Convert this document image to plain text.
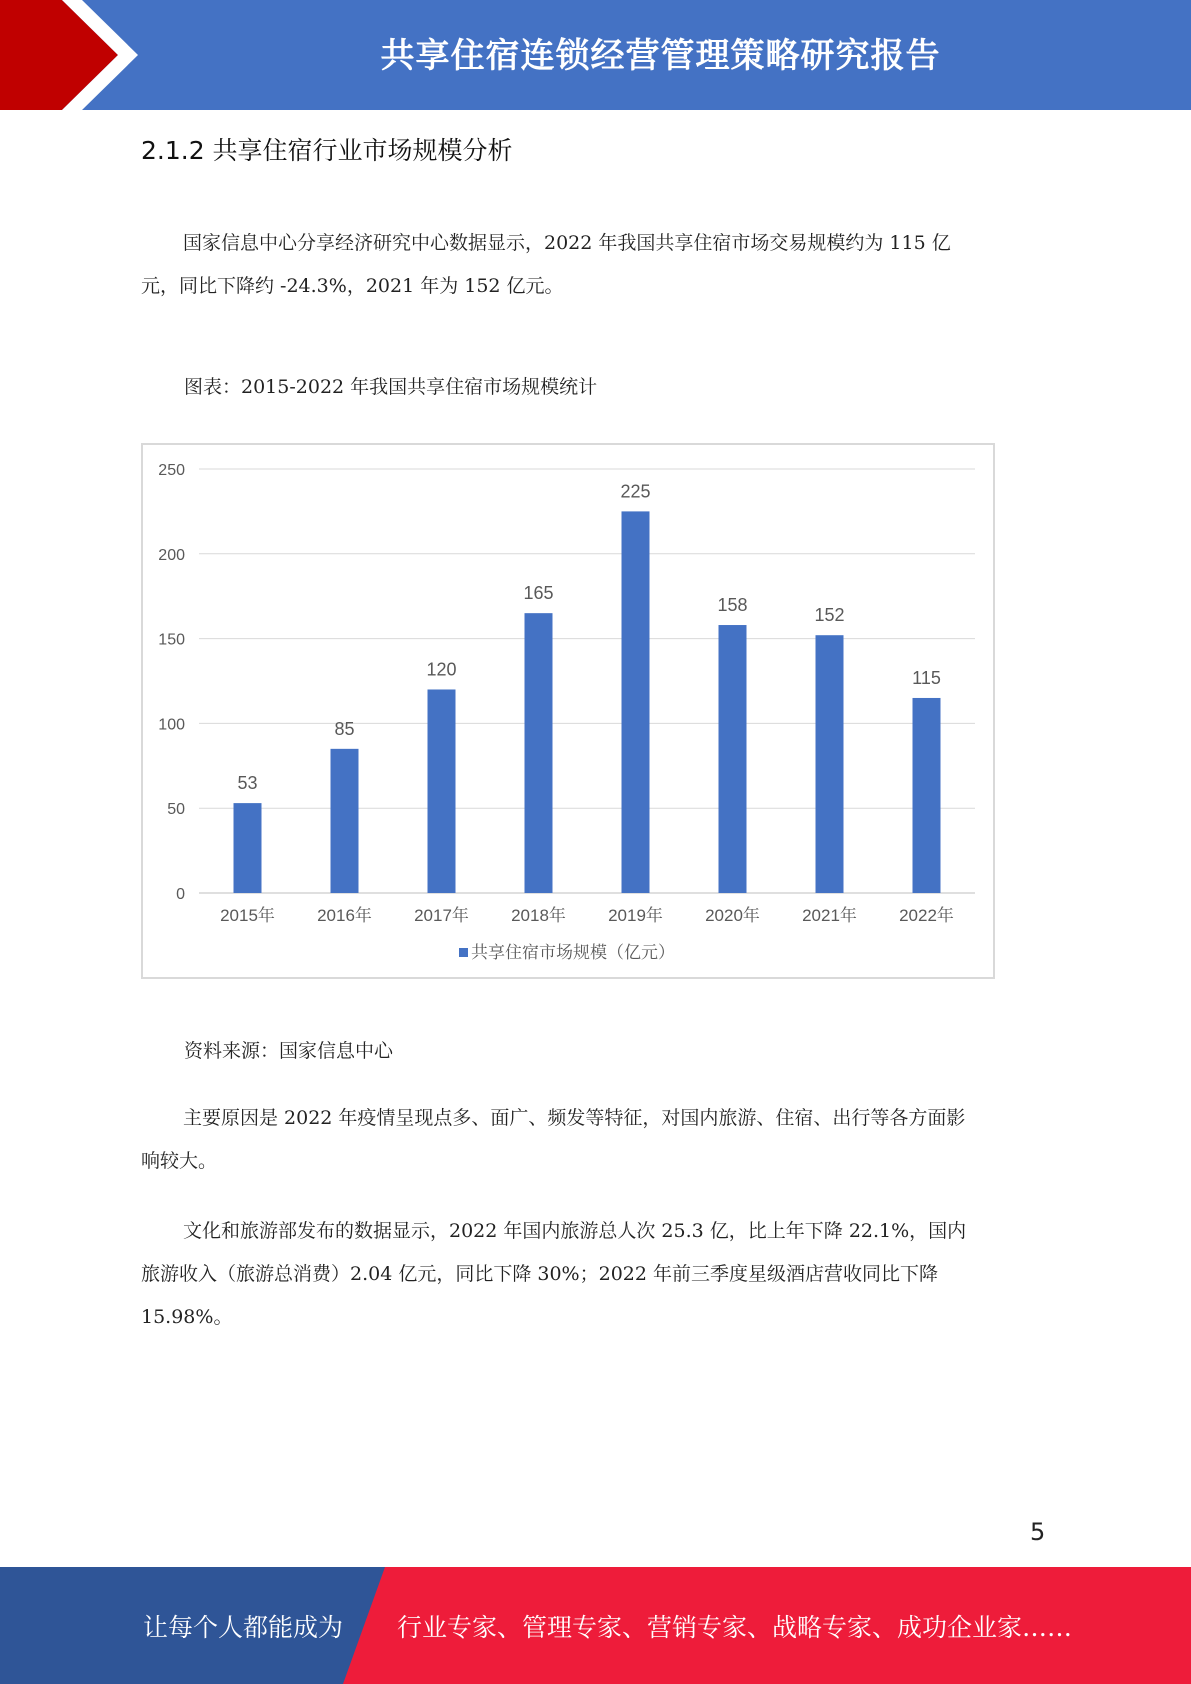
共享住宿连锁经营管理策略研究报告
2.1.2 共享住宿行业市场规模分析
国家信息中心分享经济研究中心数据显示，2022 年我国共享住宿市场交易规模约为 115 亿
元，同比下降约 -24.3%，2021 年为 152 亿元。
图表：2015-2022 年我国共享住宿市场规模统计
0
50
100
150
200
250
53
2015年
85
2016年
120
2017年
165
2018年
225
2019年
158
2020年
152
2021年
115
2022年
共享住宿市场规模（亿元）
资料来源：国家信息中心
主要原因是 2022 年疫情呈现点多、面广、频发等特征，对国内旅游、住宿、出行等各方面影
响较大。
文化和旅游部发布的数据显示，2022 年国内旅游总人次 25.3 亿，比上年下降 22.1%，国内
旅游收入（旅游总消费）2.04 亿元，同比下降 30%；2022 年前三季度星级酒店营收同比下降
15.98%。
5
让每个人都能成为 行业专家、管理专家、营销专家、战略专家、成功企业家……
